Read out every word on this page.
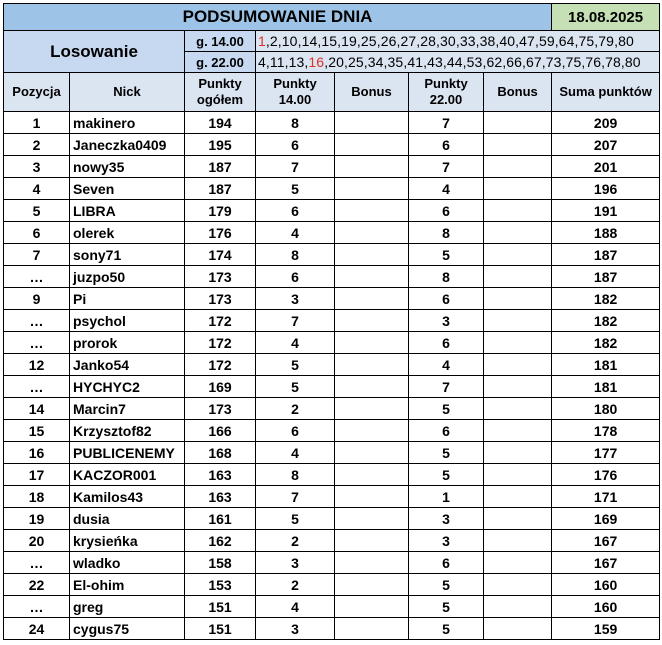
PODSUMOWANIE DNIA							18.08.2025
Losowanie		g. 14.00	1,2,10,14,15,19,25,26,27,28,30,33,38,40,47,59,64,75,79,80				
		g. 22.00	4,11,13,16,20,25,34,35,41,43,44,53,62,66,67,73,75,76,78,80				
Pozycja	Nick	Punkty ogółem	Punkty 14.00	Bonus	Punkty 22.00	Bonus	Suma punktów
1	makinero	194	8		7		209
2	Janeczka0409	195	6		6		207
3	nowy35	187	7		7		201
4	Seven	187	5		4		196
5	LIBRA	179	6		6		191
6	olerek	176	4		8		188
7	sony71	174	8		5		187
…	juzpo50	173	6		8		187
9	Pi	173	3		6		182
…	psychol	172	7		3		182
…	prorok	172	4		6		182
12	Janko54	172	5		4		181
…	HYCHYC2	169	5		7		181
14	Marcin7	173	2		5		180
15	Krzysztof82	166	6		6		178
16	PUBLICENEMY	168	4		5		177
17	KACZOR001	163	8		5		176
18	Kamilos43	163	7		1		171
19	dusia	161	5		3		169
20	krysieńka	162	2		3		167
…	wladko	158	3		6		167
22	El-ohim	153	2		5		160
…	greg	151	4		5		160
24	cygus75	151	3		5		159
